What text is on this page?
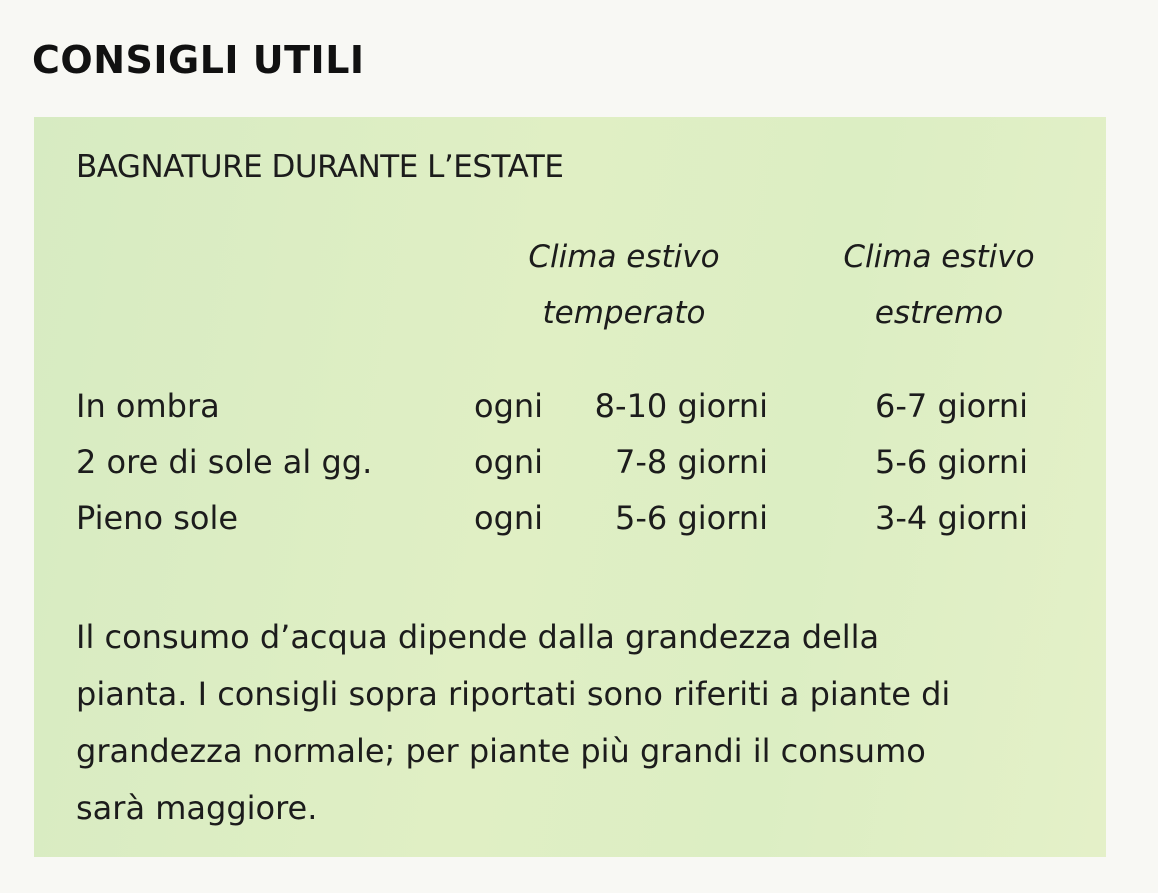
CONSIGLI UTILI
BAGNATURE DURANTE L’ESTATE
Clima estivo
temperato
Clima estivo
estremo
In ombra	ogni 8-10 giorni	6-7 giorni
2 ore di sole al gg.	ogni 7-8 giorni	5-6 giorni
Pieno sole	ogni 5-6 giorni	3-4 giorni
Il consumo d’acqua dipende dalla grandezza della
pianta. I consigli sopra riportati sono riferiti a piante di
grandezza normale; per piante più grandi il consumo
sarà maggiore.
